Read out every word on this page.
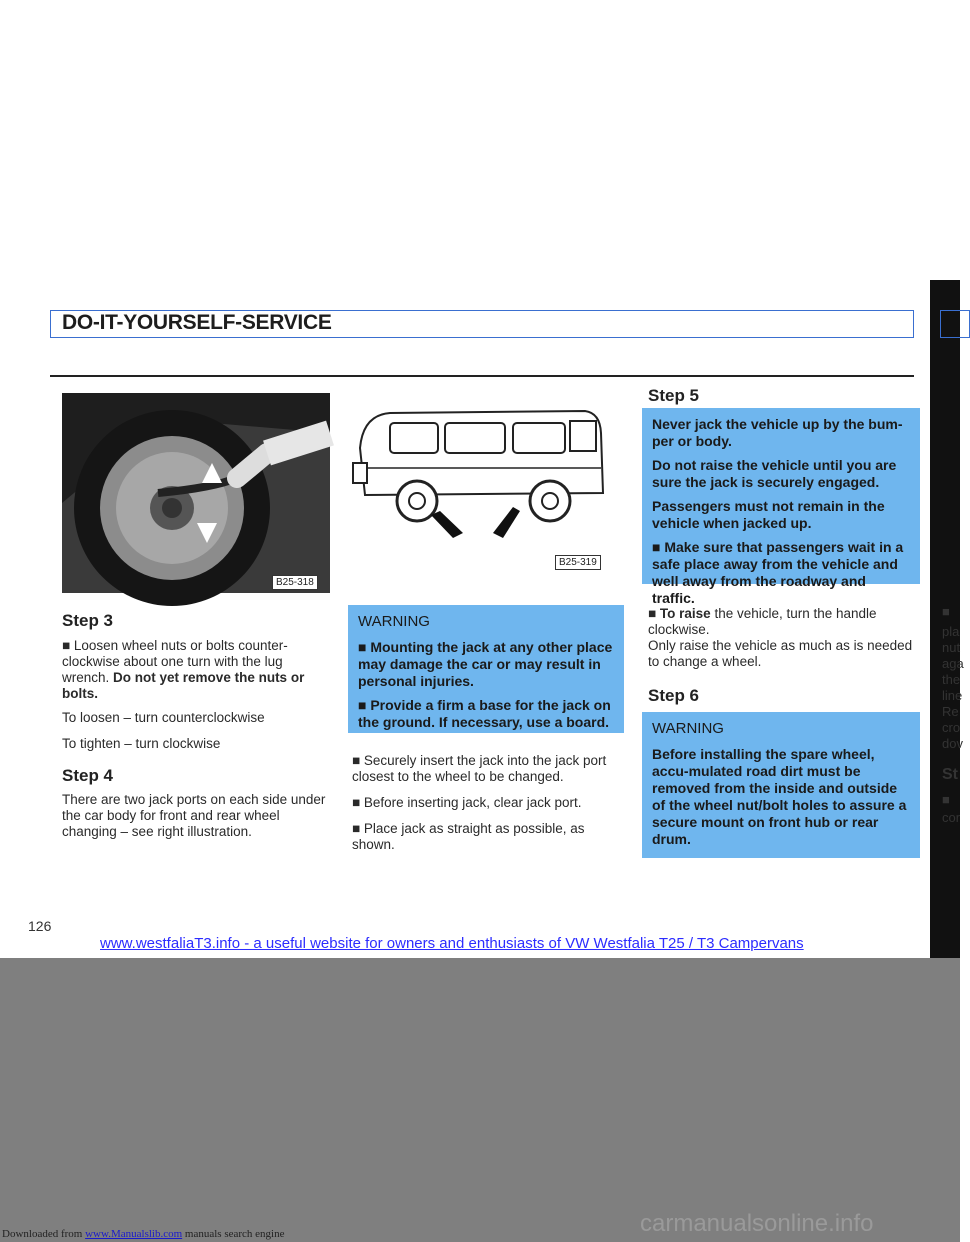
DO-IT-YOURSELF-SERVICE
B25-318
B25-319
Step 3

■ Loosen wheel nuts or bolts counter-clockwise about one turn with the lug wrench. Do not yet remove the nuts or bolts.

To loosen – turn counterclockwise

To tighten – turn clockwise

Step 4

There are two jack ports on each side under the car body for front and rear wheel changing – see right illustration.

WARNING

■ Mounting the jack at any other place may damage the car or may result in personal injuries.

■ Provide a firm a base for the jack on the ground. If necessary, use a board.

■ Securely insert the jack into the jack port closest to the wheel to be changed.

■ Before inserting jack, clear jack port.

■ Place jack as straight as possible, as shown.

Step 5

Never jack the vehicle up by the bum-per or body.

Do not raise the vehicle until you are sure the jack is securely engaged.

Passengers must not remain in the vehicle when jacked up.

■ Make sure that passengers wait in a safe place away from the vehicle and well away from the roadway and traffic.

■ To raise the vehicle, turn the handle clockwise.

Only raise the vehicle as much as is needed to change a wheel.

Step 6

WARNING

Before installing the spare wheel, accu-mulated road dirt must be removed from the inside and outside of the wheel nut/bolt holes to assure a secure mount on front hub or rear drum.

■
pla
nut
aga
the
line
Re
cro
dov
St
■
cor
126
www.westfaliaT3.info - a useful website for owners and enthusiasts of VW Westfalia T25 / T3 Campervans
carmanualsonline.info
Downloaded from www.Manualslib.com manuals search engine
